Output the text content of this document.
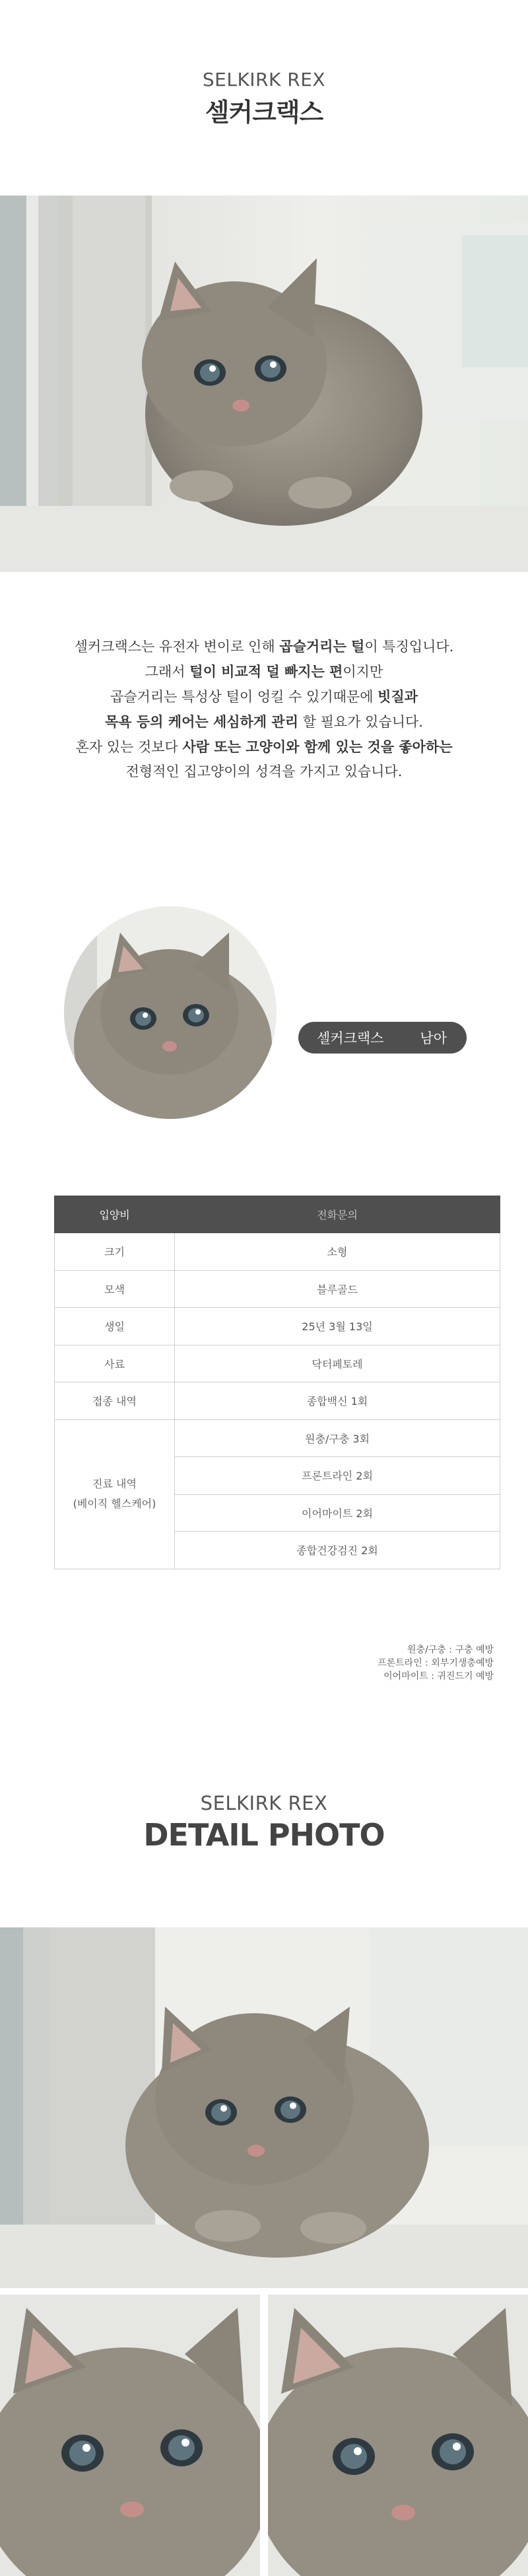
SELKIRK REX
셀커크랙스
셀커크랙스는 유전자 변이로 인해 곱슬거리는 털이 특징입니다.
그래서 털이 비교적 덜 빠지는 편이지만
곱슬거리는 특성상 털이 엉킬 수 있기때문에 빗질과
목욕 등의 케어는 세심하게 관리 할 필요가 있습니다.
혼자 있는 것보다 사람 또는 고양이와 함께 있는 것을 좋아하는
전형적인 집고양이의 성격을 가지고 있습니다.
셀커크랙스	남아
입양비	전화문의
크기	소형
모색	블루골드
생일	25년 3월 13일
사료	닥터페토레
접종 내역	종합백신 1회

진료 내역
(베이직 헬스케어)	원충/구충 3회
	프론트라인 2회
	이어마이트 2회
	종합건강검진 2회
원충/구충 : 구충 예방
프론트라인 : 외부기생충예방
이어마이트 : 귀진드기 예방
SELKIRK REX
DETAIL PHOTO
